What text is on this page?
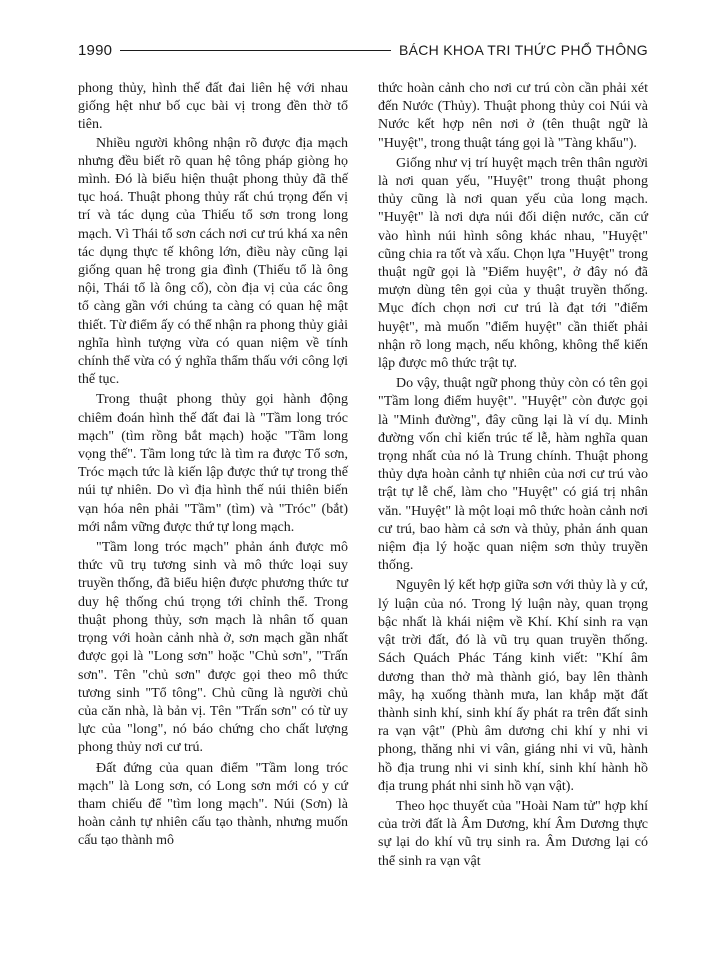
1990	BÁCH KHOA TRI THỨC PHỔ THÔNG

phong thủy, hình thế đất đai liên hệ với nhau giống hệt như bố cục bài vị trong đền thờ tổ tiên.

Nhiều người không nhận rõ được địa mạch nhưng đều biết rõ quan hệ tông pháp giòng họ mình. Đó là biểu hiện thuật phong thủy đã thế tục hoá. Thuật phong thủy rất chú trọng đến vị trí và tác dụng của Thiếu tổ sơn trong long mạch. Vì Thái tổ sơn cách nơi cư trú khá xa nên tác dụng thực tế không lớn, điều này cũng lại giống quan hệ trong gia đình (Thiếu tổ là ông nội, Thái tổ là ông cố), còn địa vị của các ông tổ càng gần với chúng ta càng có quan hệ mật thiết. Từ điểm ấy có thể nhận ra phong thủy giải nghĩa hình tượng vừa có quan niệm về tính chính thể vừa có ý nghĩa thẩm thấu với công lợi thế tục.

Trong thuật phong thủy gọi hành động chiêm đoán hình thế đất đai là "Tầm long tróc mạch" (tìm rồng bắt mạch) hoặc "Tầm long vọng thế". Tầm long tức là tìm ra được Tổ sơn, Tróc mạch tức là kiến lập được thứ tự trong thế núi tự nhiên. Do vì địa hình thế núi thiên biến vạn hóa nên phải "Tầm" (tìm) và "Tróc" (bắt) mới nắm vững được thứ tự long mạch.

"Tầm long tróc mạch" phản ánh được mô thức vũ trụ tương sinh và mô thức loại suy truyền thống, đã biểu hiện được phương thức tư duy hệ thống chú trọng tới chỉnh thể. Trong thuật phong thủy, sơn mạch là nhân tố quan trọng với hoàn cảnh nhà ở, sơn mạch gần nhất được gọi là "Long sơn" hoặc "Chủ sơn", "Trấn sơn". Tên "chủ sơn" được gọi theo mô thức tương sinh "Tổ tông". Chủ cũng là người chủ của căn nhà, là bản vị. Tên "Trấn sơn" có từ uy lực của "long", nó báo chứng cho chất lượng phong thủy nơi cư trú.

Đất đứng của quan điểm "Tầm long tróc mạch" là Long sơn, có Long sơn mới có y cứ tham chiếu để "tìm long mạch". Núi (Sơn) là hoàn cảnh tự nhiên cấu tạo thành, nhưng muốn cấu tạo thành mô

thức hoàn cảnh cho nơi cư trú còn cần phải xét đến Nước (Thủy). Thuật phong thủy coi Núi và Nước kết hợp nên nơi ở (tên thuật ngữ là "Huyệt", trong thuật táng gọi là "Tàng khẩu").

Giống như vị trí huyệt mạch trên thân người là nơi quan yếu, "Huyệt" trong thuật phong thủy cũng là nơi quan yếu của long mạch. "Huyệt" là nơi dựa núi đối diện nước, căn cứ vào hình núi hình sông khác nhau, "Huyệt" cũng chia ra tốt và xấu. Chọn lựa "Huyệt" trong thuật ngữ gọi là "Điểm huyệt", ở đây nó đã mượn dùng tên gọi của y thuật truyền thống. Mục đích chọn nơi cư trú là đạt tới "điểm huyệt", mà muốn "điểm huyệt" cần thiết phải nhận rõ long mạch, nếu không, không thể kiến lập được mô thức trật tự.

Do vậy, thuật ngữ phong thủy còn có tên gọi "Tầm long điểm huyệt". "Huyệt" còn được gọi là "Minh đường", đây cũng lại là ví dụ. Minh đường vốn chỉ kiến trúc tế lễ, hàm nghĩa quan trọng nhất của nó là Trung chính. Thuật phong thủy dựa hoàn cảnh tự nhiên của nơi cư trú vào trật tự lễ chế, làm cho "Huyệt" có giá trị nhân văn. "Huyệt" là một loại mô thức hoàn cảnh nơi cư trú, bao hàm cả sơn và thủy, phản ánh quan niệm địa lý hoặc quan niệm sơn thủy truyền thống.

Nguyên lý kết hợp giữa sơn với thủy là y cứ, lý luận của nó. Trong lý luận này, quan trọng bậc nhất là khái niệm về Khí. Khí sinh ra vạn vật trời đất, đó là vũ trụ quan truyền thống. Sách Quách Phác Táng kinh viết: "Khí âm dương than thở mà thành gió, bay lên thành mây, hạ xuống thành mưa, lan khắp mặt đất thành sinh khí, sinh khí ấy phát ra trên đất sinh ra vạn vật" (Phù âm dương chi khí y nhi vi phong, thăng nhi vi vân, giáng nhi vi vũ, hành hồ địa trung nhi vi sinh khí, sinh khí hành hồ địa trung phát nhi sinh hồ vạn vật).

Theo học thuyết của "Hoài Nam tử" hợp khí của trời đất là Âm Dương, khí Âm Dương thực sự lại do khí vũ trụ sinh ra. Âm Dương lại có thể sinh ra vạn vật
